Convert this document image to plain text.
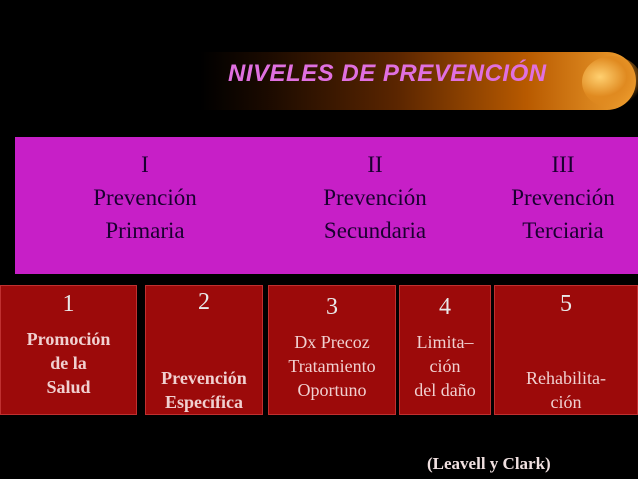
NIVELES DE PREVENCIÓN
I
Prevención
Primaria
II
Prevención
Secundaria
III
Prevención
Terciaria
1
Promoción
de la
Salud
2
Prevención
Específica
3
Dx Precoz
Tratamiento
Oportuno
4
Limita–
ción
del daño
5
Rehabilita-
ción
(Leavell y Clark)
